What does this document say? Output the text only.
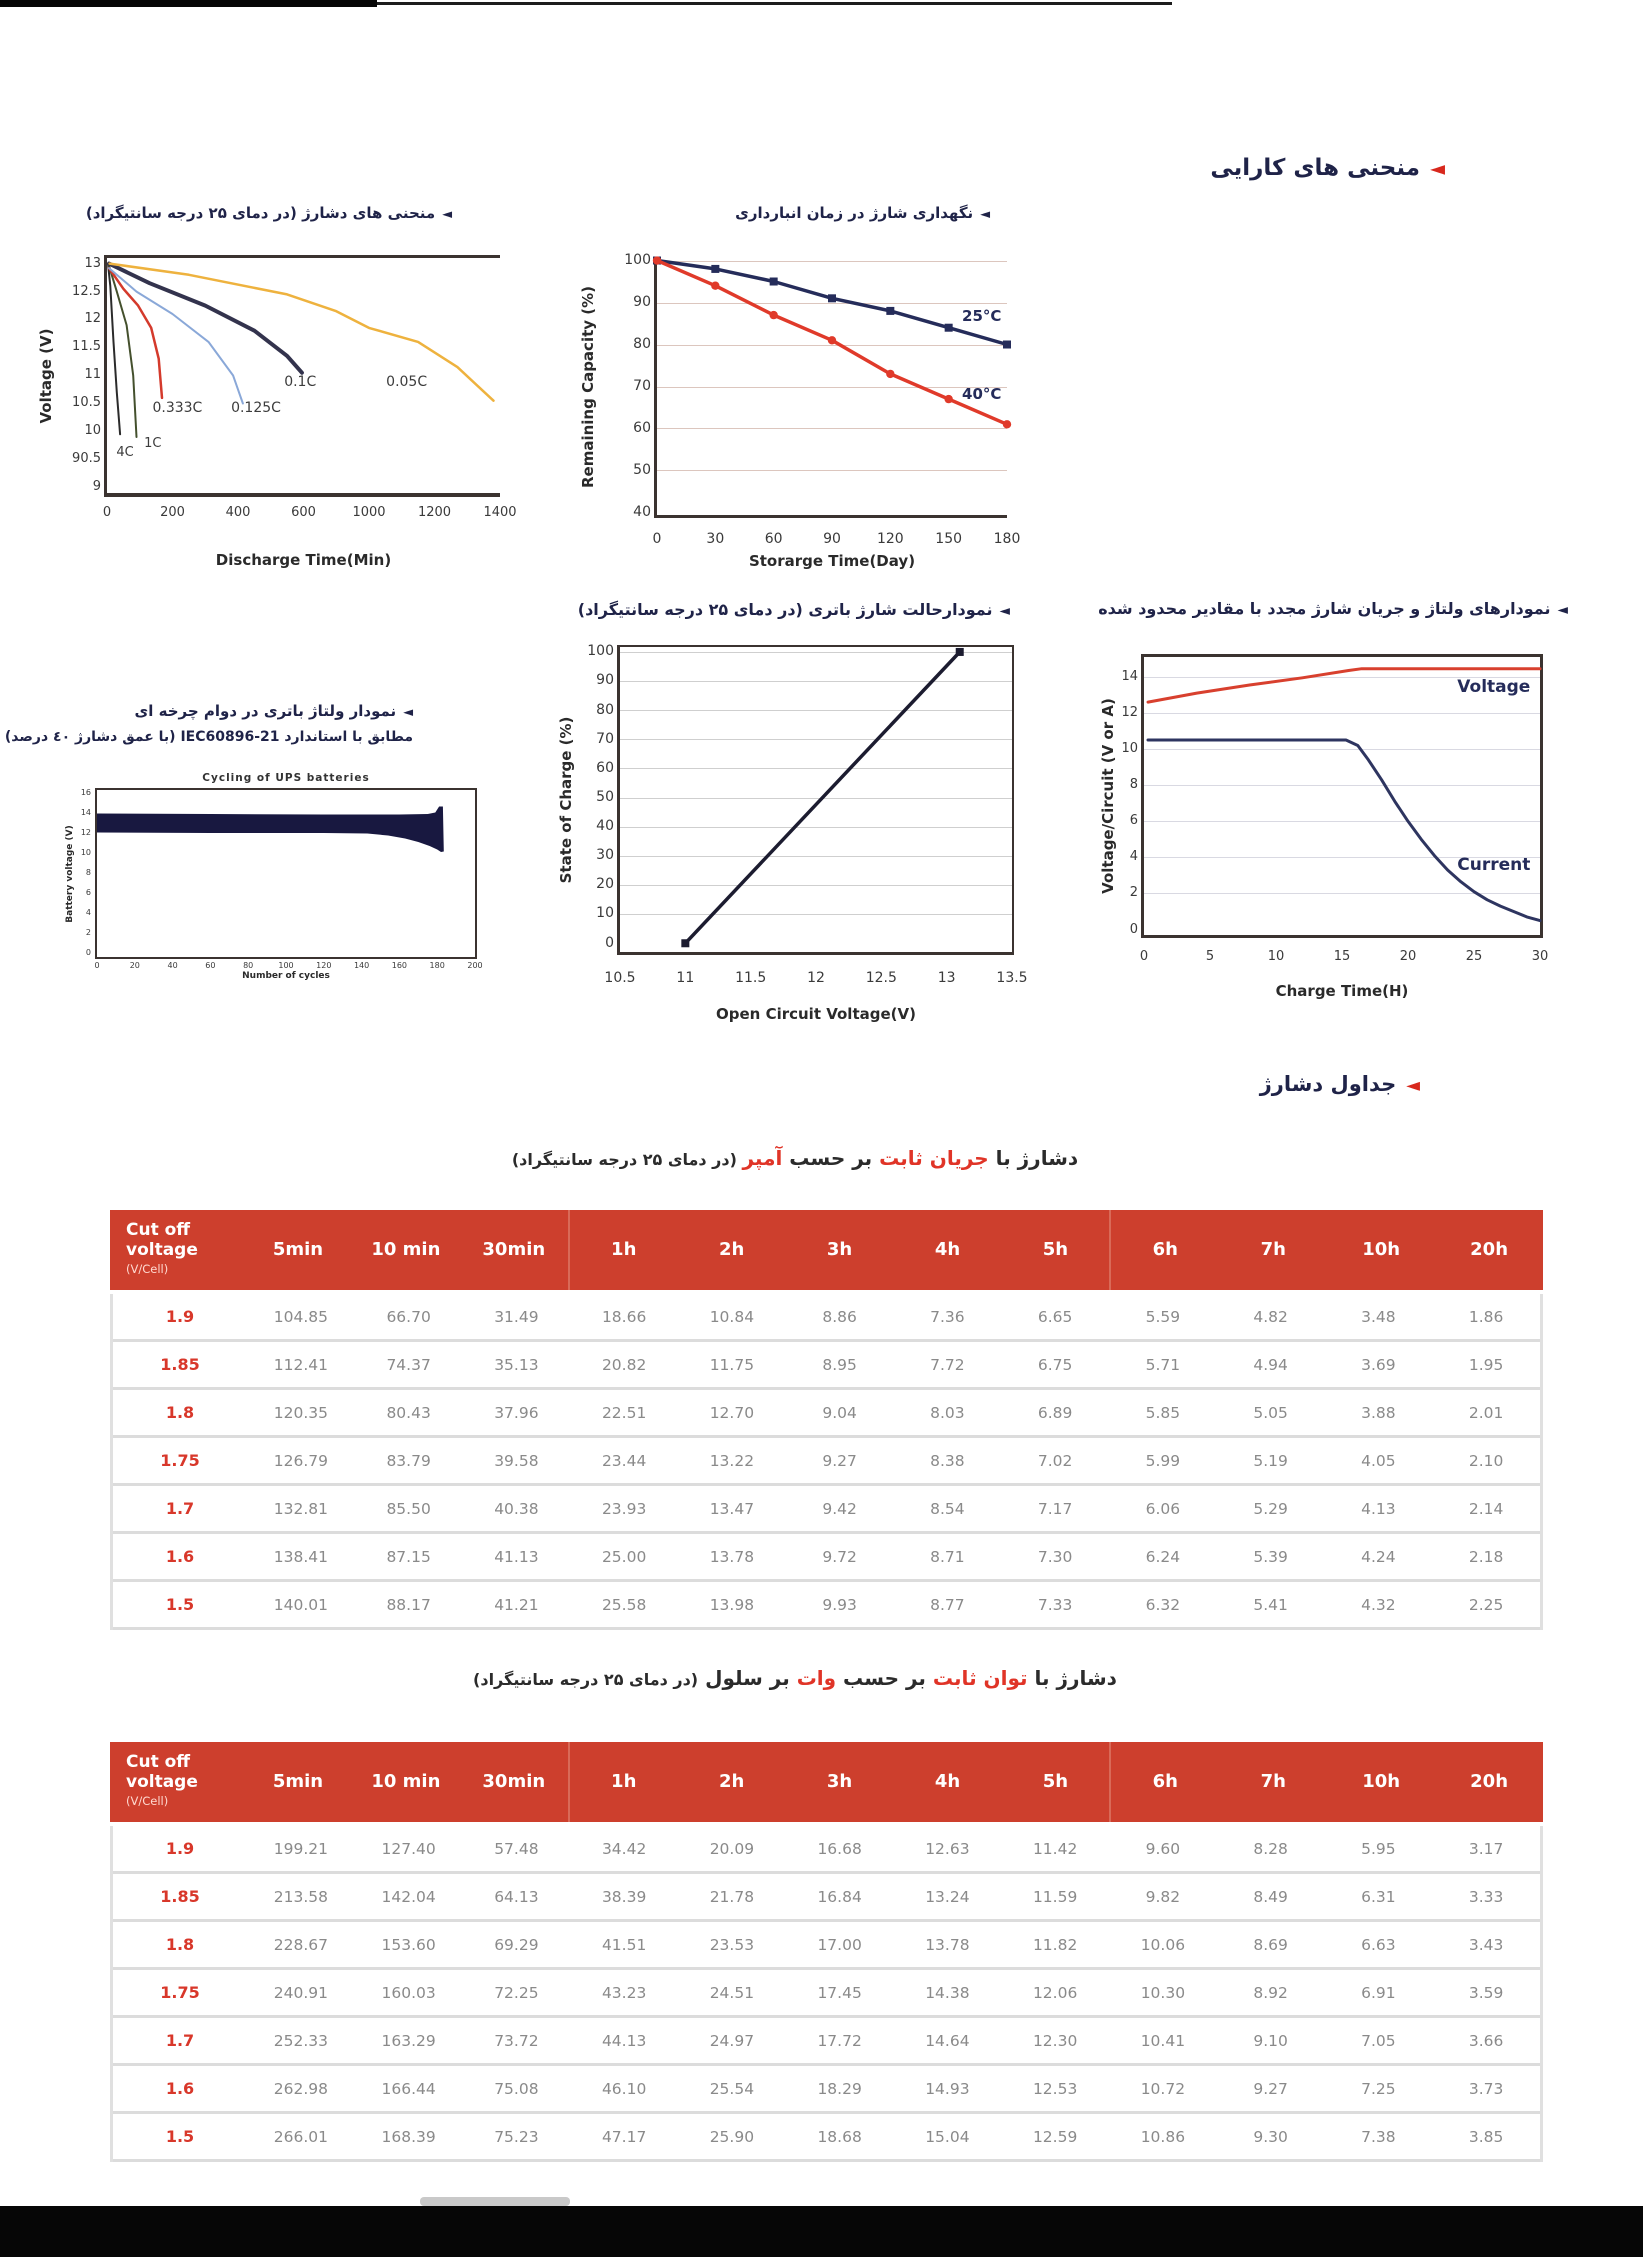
◄منحنی های کارایی
◄جداول دشارژ
دشارژ با جریان ثابت بر حسب آمپر (در دمای ۲۵ درجه سانتیگراد)
دشارژ با توان ثابت بر حسب وات بر سلول (در دمای ۲۵ درجه سانتیگراد)
Cut off
voltage
(V/Cell)
5min	10 min	30min	1h	2h	3h	4h	5h	6h	7h	10h	20h
1.9	104.85	66.70	31.49	18.66	10.84	8.86	7.36	6.65	5.59	4.82	3.48	1.86
1.85	112.41	74.37	35.13	20.82	11.75	8.95	7.72	6.75	5.71	4.94	3.69	1.95
1.8	120.35	80.43	37.96	22.51	12.70	9.04	8.03	6.89	5.85	5.05	3.88	2.01
1.75	126.79	83.79	39.58	23.44	13.22	9.27	8.38	7.02	5.99	5.19	4.05	2.10
1.7	132.81	85.50	40.38	23.93	13.47	9.42	8.54	7.17	6.06	5.29	4.13	2.14
1.6	138.41	87.15	41.13	25.00	13.78	9.72	8.71	7.30	6.24	5.39	4.24	2.18
1.5	140.01	88.17	41.21	25.58	13.98	9.93	8.77	7.33	6.32	5.41	4.32	2.25
Cut off
voltage
(V/Cell)
5min	10 min	30min	1h	2h	3h	4h	5h	6h	7h	10h	20h
1.9	199.21	127.40	57.48	34.42	20.09	16.68	12.63	11.42	9.60	8.28	5.95	3.17
1.85	213.58	142.04	64.13	38.39	21.78	16.84	13.24	11.59	9.82	8.49	6.31	3.33
1.8	228.67	153.60	69.29	41.51	23.53	17.00	13.78	11.82	10.06	8.69	6.63	3.43
1.75	240.91	160.03	72.25	43.23	24.51	17.45	14.38	12.06	10.30	8.92	6.91	3.59
1.7	252.33	163.29	73.72	44.13	24.97	17.72	14.64	12.30	10.41	9.10	7.05	3.66
1.6	262.98	166.44	75.08	46.10	25.54	18.29	14.93	12.53	10.72	9.27	7.25	3.73
1.5	266.01	168.39	75.23	47.17	25.90	18.68	15.04	12.59	10.86	9.30	7.38	3.85
13
12.5
12
11.5
11
10.5
10
90.5
9
0	200	400	600	1000	1200	1400
Discharge Time(Min)
Voltage (V)
4C
1C
0.333C	0.125C
0.1C	0.05C
◄منحنی های دشارژ (در دمای ۲۵ درجه سانتیگراد)
100
90
80
70
60
50
40
0	30	60	90	120	150	180
Storarge Time(Day)
Remaining Capacity (%)	25°C
40°C
◄نگهداری شارژ در زمان انبارداری
14
12
10
8
6
4
2
0
0	5	10	15	20	25	30
Charge Time(H)
Voltage/Circuit (V or A)
Voltage
Current
◄نمودارهای ولتاژ و جریان شارژ مجدد با مقادیر محدود شده
100
90
80
70
60
50
40
30
20
10
0
10.5	11	11.5	12	12.5	13	13.5
Open Circuit Voltage(V)
State of Charge (%)
◄نمودارحالت شارژ باتری (در دمای ۲۵ درجه سانتیگراد)
16
14
12
10
8
6
4
2
0
0	20	40	60	80	100	120	140	160	180	200
Number of cycles
Battery voltage (V)
Cycling of UPS batteries
◄نمودار ولتاژ باتری در دوام چرخه ای
مطابق با استاندارد IEC60896-21 (با عمق دشارژ ٤٠ درصد)
